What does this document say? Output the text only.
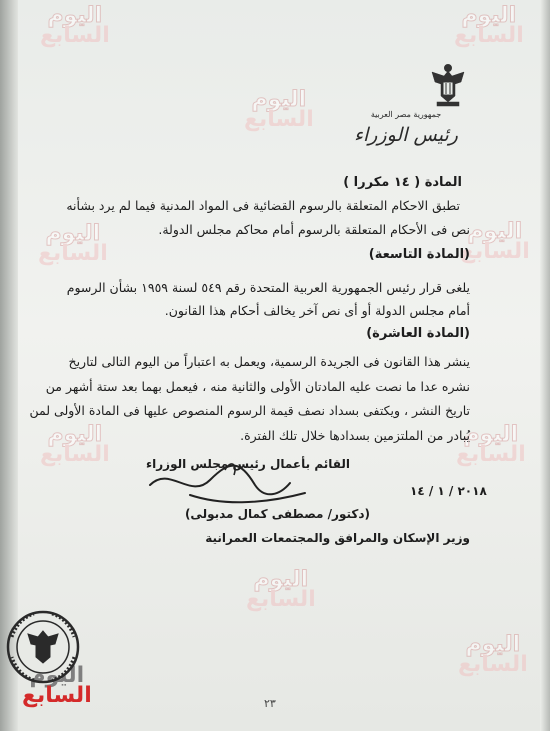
اليوم
السابع
اليوم
السابع
اليوم
السابع
اليوم
السابع
اليوم
السابع
اليوم
السابع
اليوم
السابع
اليوم
السابع
اليوم
السابع
اليوم
السابع
جمهورية مصر العربية
رئيس الوزراء
المادة ( ١٤ مكررا )
تطبق الاحكام المتعلقة بالرسوم القضائية فى المواد المدنية فيما لم يرد بشأنه
نص فى الأحكام المتعلقة بالرسوم أمام محاكم مجلس الدولة.
(المادة التاسعة)
يلغى قرار رئيس الجمهورية العربية المتحدة رقم ٥٤٩ لسنة ١٩٥٩ بشأن الرسوم
أمام مجلس الدولة أو أى نص آخر يخالف أحكام هذا القانون.
(المادة العاشرة)
ينشر هذا القانون فى الجريدة الرسمية، ويعمل به اعتباراً من اليوم التالى لتاريخ
نشره عدا ما نصت عليه المادتان الأولى والثانية منه ، فيعمل بهما بعد ستة أشهر من
تاريخ النشر ، ويكتفى بسداد نصف قيمة الرسوم المنصوص عليها فى المادة الأولى لمن
يُبادر من الملتزمين بسدادها خلال تلك الفترة.
القائم بأعمال رئيس مجلس الوزراء
٢٠١٨ / ١ / ١٤
(دكتور/ مصطفى كمال مدبولى)
وزير الإسكان والمرافق والمجتمعات العمرانية
٢٣
